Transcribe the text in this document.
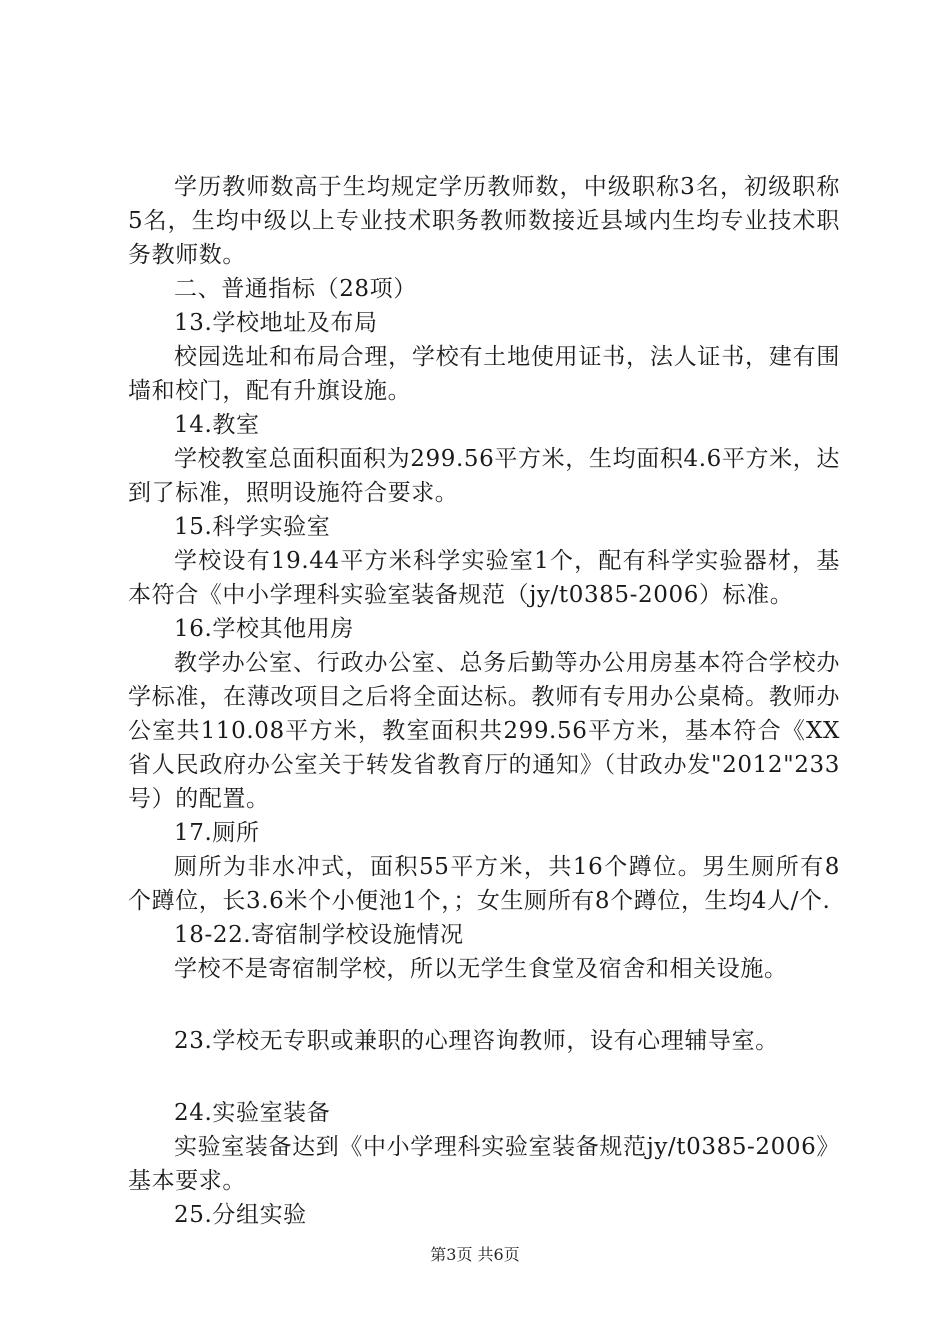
学历教师数高于生均规定学历教师数，中级职称3名，初级职称5名，生均中级以上专业技术职务教师数接近县域内生均专业技术职务教师数。

二、普通指标（28项）

13.学校地址及布局

校园选址和布局合理，学校有土地使用证书，法人证书，建有围墙和校门，配有升旗设施。

14.教室

学校教室总面积面积为299.56平方米，生均面积4.6平方米，达到了标准，照明设施符合要求。

15.科学实验室

学校设有19.44平方米科学实验室1个，配有科学实验器材，基本符合《中小学理科实验室装备规范（jy/t0385-2006）标准。

16.学校其他用房

教学办公室、行政办公室、总务后勤等办公用房基本符合学校办学标准，在薄改项目之后将全面达标。教师有专用办公桌椅。教师办公室共110.08平方米，教室面积共299.56平方米，基本符合《XX省人民政府办公室关于转发省教育厅的通知》（甘政办发"2012"233号）的配置。

17.厕所

厕所为非水冲式，面积55平方米，共16个蹲位。男生厕所有8个蹲位，长3.6米个小便池1个，；女生厕所有8个蹲位，生均4人/个.

18-22.寄宿制学校设施情况

学校不是寄宿制学校，所以无学生食堂及宿舍和相关设施。

23.学校无专职或兼职的心理咨询教师，设有心理辅导室。

24.实验室装备

实验室装备达到《中小学理科实验室装备规范jy/t0385-2006》基本要求。

25.分组实验

第3页 共6页
